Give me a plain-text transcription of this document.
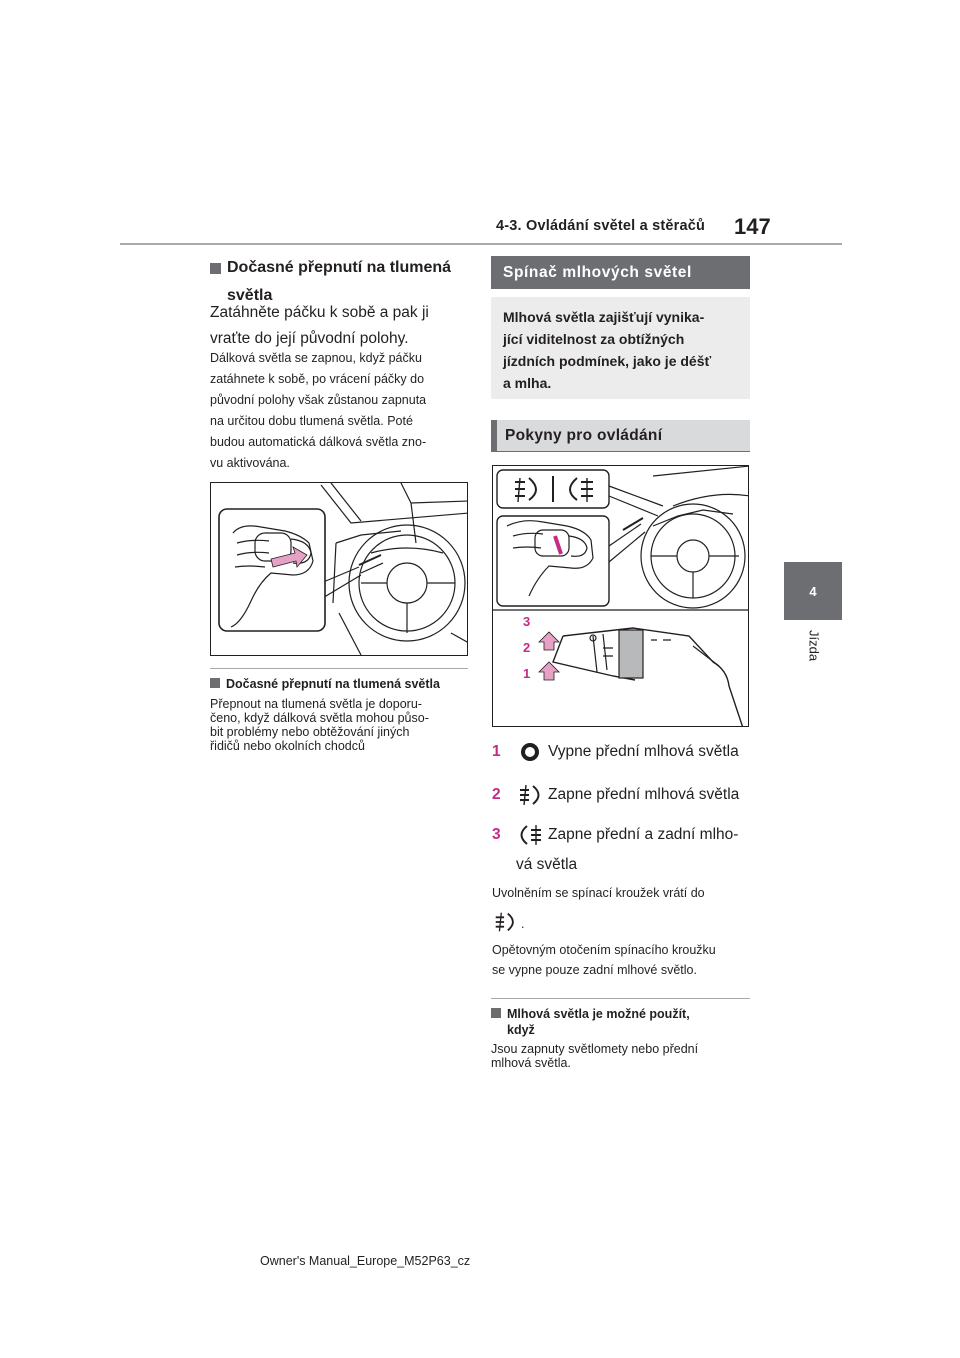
4-3. Ovládání světel a stěračů 147
4
Jízda
Dočasné přepnutí na tlumená
světla
Zatáhněte páčku k sobě a pak ji
vraťte do její původní polohy.
Dálková světla se zapnou, když páčku
zatáhnete k sobě, po vrácení páčky do
původní polohy však zůstanou zapnuta
na určitou dobu tlumená světla. Poté
budou automatická dálková světla zno-
vu aktivována.
Dočasné přepnutí na tlumená světla
Přepnout na tlumená světla je doporu-
čeno, když dálková světla mohou půso-
bit problémy nebo obtěžování jiných
řidičů nebo okolních chodců
Spínač mlhových světel
Mlhová světla zajišťují vynika-
jící viditelnost za obtížných
jízdních podmínek, jako je déšť
a mlha.
Pokyny pro ovládání
3
2
1
1	Vypne přední mlhová světla
2	Zapne přední mlhová světla
3	Zapne přední a zadní mlho-
vá světla
Uvolněním se spínací kroužek vrátí do
.
Opětovným otočením spínacího kroužku
se vypne pouze zadní mlhové světlo.
Mlhová světla je možné použít,
když
Jsou zapnuty světlomety nebo přední
mlhová světla.
Owner's Manual_Europe_M52P63_cz
